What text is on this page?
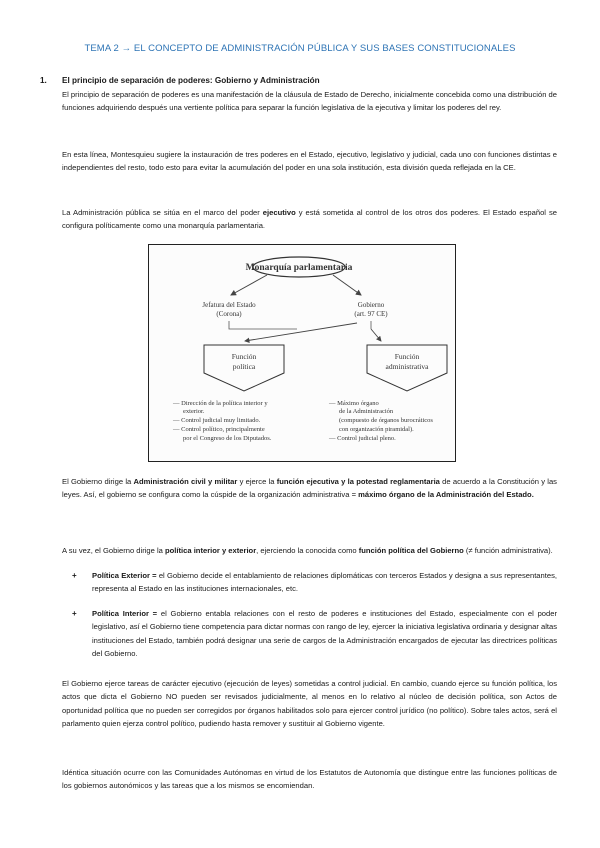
TEMA 2 → EL CONCEPTO DE ADMINISTRACIÓN PÚBLICA Y SUS BASES CONSTITUCIONALES
1. El principio de separación de poderes: Gobierno y Administración
El principio de separación de poderes es una manifestación de la cláusula de Estado de Derecho, inicialmente concebida como una distribución de funciones adquiriendo después una vertiente política para separar la función legislativa de la ejecutiva y limitar los poderes del rey.
En esta línea, Montesquieu sugiere la instauración de tres poderes en el Estado, ejecutivo, legislativo y judicial, cada uno con funciones distintas e independientes del resto, todo esto para evitar la acumulación del poder en una sola institución, esta división queda reflejada en la CE.
La Administración pública se sitúa en el marco del poder ejecutivo y está sometida al control de los otros dos poderes. El Estado español se configura políticamente como una monarquía parlamentaria.
Monarquía parlamentaria
Jefatura del Estado
(Corona)
Gobierno
(art. 97 CE)
Función
política
Función
administrativa
— Dirección de la política interior y
exterior.
— Control judicial muy limitado.
— Control político, principalmente
por el Congreso de los Diputados.
— Máximo órgano
de la Administración
(compuesto de órganos burocráticos
con organización piramidal).
— Control judicial pleno.
El Gobierno dirige la Administración civil y militar y ejerce la función ejecutiva y la potestad reglamentaria de acuerdo a la Constitución y las leyes. Así, el gobierno se configura como la cúspide de la organización administrativa = máximo órgano de la Administración del Estado.
A su vez, el Gobierno dirige la política interior y exterior, ejerciendo la conocida como función política del Gobierno (≠ función administrativa).
+	Política Exterior = el Gobierno decide el entablamiento de relaciones diplomáticas con terceros Estados y designa a sus representantes, representa al Estado en las instituciones internacionales, etc.
+	Política Interior = el Gobierno entabla relaciones con el resto de poderes e instituciones del Estado, especialmente con el poder legislativo, así el Gobierno tiene competencia para dictar normas con rango de ley, ejercer la iniciativa legislativa ordinaria y designar altas instituciones del Estado, también podrá designar una serie de cargos de la Administración encargados de ejecutar las directrices políticas del Gobierno.
El Gobierno ejerce tareas de carácter ejecutivo (ejecución de leyes) sometidas a control judicial. En cambio, cuando ejerce su función política, los actos que dicta el Gobierno NO pueden ser revisados judicialmente, al menos en lo relativo al núcleo de decisión política, son Actos de oportunidad política que no pueden ser corregidos por órganos habilitados solo para ejercer control jurídico (no político). Sobre tales actos, será el parlamento quien ejerza control político, pudiendo hasta remover y sustituir al Gobierno vigente.
Idéntica situación ocurre con las Comunidades Autónomas en virtud de los Estatutos de Autonomía que distingue entre las funciones políticas de los gobiernos autonómicos y las tareas que a los mismos se encomiendan.
